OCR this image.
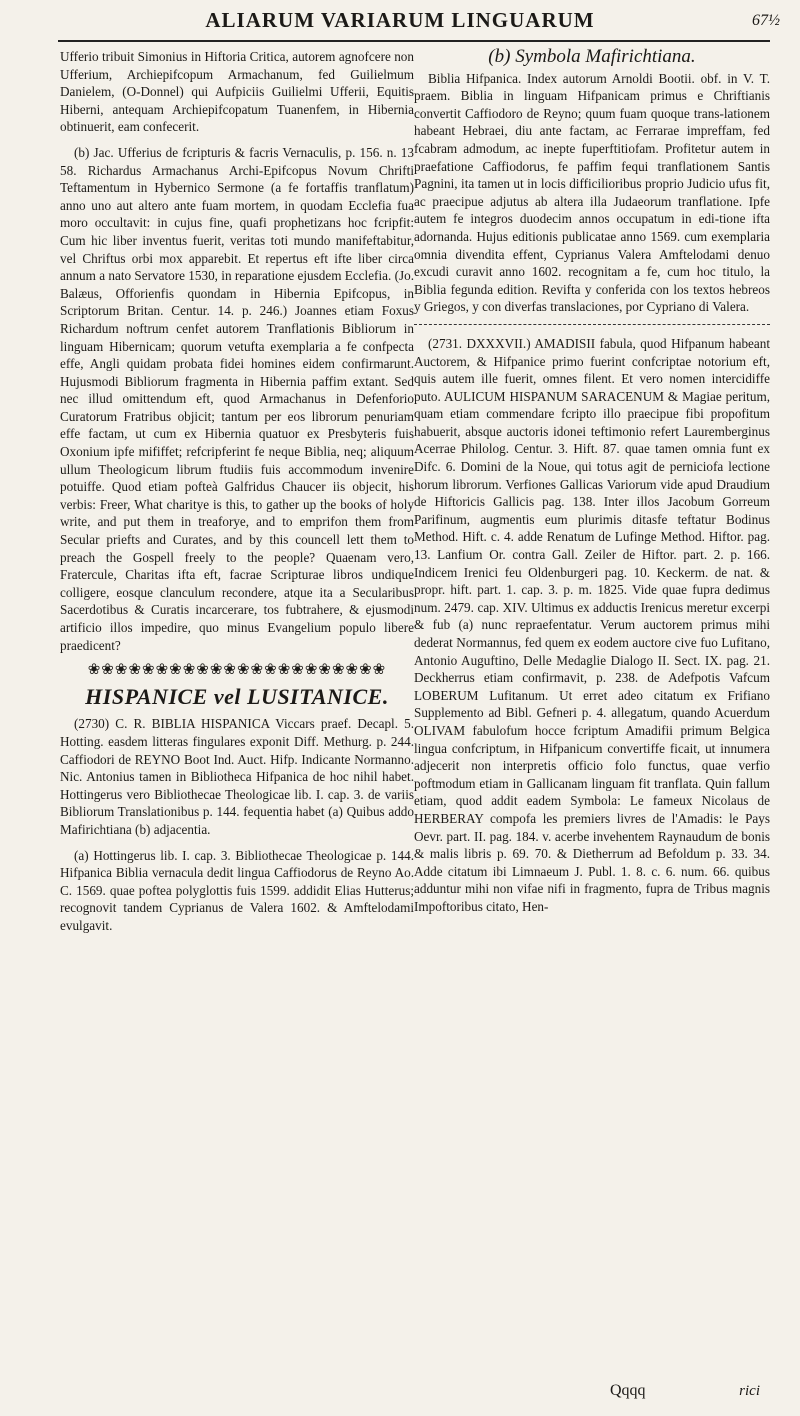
ALIARUM VARIARUM LINGUARUM	67½

Ufferio tribuit Simonius in Hiftoria Critica, autorem agnofcere non Ufferium, Archiepifcopum Armachanum, fed Guilielmum Danielem, (O-Donnel) qui Aufpiciis Guilielmi Ufferii, Equitis Hiberni, antequam Archiepifcopatum Tuanenfem, in Hibernia obtinuerit, eam confecerit.

(b) Jac. Ufferius de fcripturis & facris Vernaculis, p. 156. n. 13 58. Richardus Armachanus Archi-Epifcopus Novum Chrifti Teftamentum in Hybernico Sermone (a fe fortaffis tranflatum) anno uno aut altero ante fuam mortem, in quodam Ecclefia fua moro occultavit: in cujus fine, quafi prophetizans hoc fcripfit: Cum hic liber inventus fuerit, veritas toti mundo manifeftabitur, vel Chriftus orbi mox apparebit. Et repertus eft ifte liber circa annum a nato Servatore 1530, in reparatione ejusdem Ecclefia. (Jo. Balæus, Offorienfis quondam in Hibernia Epifcopus, in Scriptorum Britan. Centur. 14. p. 246.) Joannes etiam Foxus Richardum noftrum cenfet autorem Tranflationis Bibliorum in linguam Hibernicam; quorum vetufta exemplaria a fe confpecta effe, Angli quidam probata fidei homines eidem confirmarunt. Hujusmodi Bibliorum fragmenta in Hibernia paffim extant. Sed nec illud omittendum eft, quod Armachanus in Defenforio Curatorum Fratribus objicit; tantum per eos librorum penuriam effe factam, ut cum ex Hibernia quatuor ex Presbyteris fuis Oxonium ipfe mififfet; refcripferint fe neque Biblia, neq; aliquum ullum Theologicum librum ftudiis fuis accommodum invenire potuiffe. Quod etiam pofteà Galfridus Chaucer iis objecit, his verbis: Freer, What charitye is this, to gather up the books of holy write, and put them in treaforye, and to emprifon them from Secular priefts and Curates, and by this councell lett them to preach the Gospell freely to the people? Quaenam vero, Fratercule, Charitas ifta eft, facrae Scripturae libros undique colligere, eosque clanculum recondere, atque ita a Secularibus Sacerdotibus & Curatis incarcerare, tos fubtrahere, & ejusmodi artificio illos impedire, quo minus Evangelium populo libere praedicent?

❀❀❀❀❀❀❀❀❀❀❀❀❀❀❀❀❀❀❀❀❀❀
HISPANICE vel LUSITANICE.

(2730) C. R. BIBLIA HISPANICA Viccars praef. Decapl. 5. Hotting. easdem litteras fingulares exponit Diff. Methurg. p. 244. Caffiodori de REYNO Boot Ind. Auct. Hifp. Indicante Normanno. Nic. Antonius tamen in Bibliotheca Hifpanica de hoc nihil habet. Hottingerus vero Bibliothecae Theologicae lib. I. cap. 3. de variis Bibliorum Translationibus p. 144. fequentia habet (a) Quibus addo Mafirichtiana (b) adjacentia.

(a) Hottingerus lib. I. cap. 3. Bibliothecae Theologicae p. 144. Hifpanica Biblia vernacula dedit lingua Caffiodorus de Reyno Ao. C. 1569. quae poftea polyglottis fuis 1599. addidit Elias Hutterus; recognovit tandem Cyprianus de Valera 1602. & Amftelodami evulgavit.

(b) Symbola Mafirichtiana.

Biblia Hifpanica. Index autorum Arnoldi Bootii. obf. in V. T. praem. Biblia in linguam Hifpanicam primus e Chriftianis convertit Caffiodoro de Reyno; quum fuam quoque trans-lationem habeant Hebraei, diu ante factam, ac Ferrarae impreffam, fed fcabram admodum, ac inepte fuperftitiofam. Profitetur autem in praefatione Caffiodorus, fe paffim fequi tranflationem Santis Pagnini, ita tamen ut in locis difficilioribus proprio Judicio ufus fit, ac praecipue adjutus ab altera illa Judaeorum tranflatione. Ipfe autem fe integros duodecim annos occupatum in edi-tione ifta adornanda. Hujus editionis publicatae anno 1569. cum exemplaria omnia divendita effent, Cyprianus Valera Amftelodami denuo excudi curavit anno 1602. recognitam a fe, cum hoc titulo, la Biblia fegunda edition. Revifta y conferida con los textos hebreos y Griegos, y con diverfas translaciones, por Cypriano di Valera.

(2731. DXXXVII.) AMADISII fabula, quod Hifpanum habeant Auctorem, & Hifpanice primo fuerint confcriptae notorium eft, quis autem ille fuerit, omnes filent. Et vero nomen intercidiffe puto. AULICUM HISPANUM SARACENUM & Magiae peritum, quam etiam commendare fcripto illo praecipue fibi propofitum habuerit, absque auctoris idonei teftimonio refert Lauremberginus Acerrae Philolog. Centur. 3. Hift. 87. quae tamen omnia funt ex Difc. 6. Domini de la Noue, qui totus agit de perniciofa lectione horum librorum. Verfiones Gallicas Variorum vide apud Draudium de Hiftoricis Gallicis pag. 138. Inter illos Jacobum Gorreum Parifinum, augmentis eum plurimis ditasfe teftatur Bodinus Method. Hift. c. 4. adde Renatum de Lufinge Method. Hiftor. pag. 13. Lanfium Or. contra Gall. Zeiler de Hiftor. part. 2. p. 166. Indicem Irenici feu Oldenburgeri pag. 10. Keckerm. de nat. & propr. hift. part. 1. cap. 3. p. m. 1825. Vide quae fupra dedimus num. 2479. cap. XIV. Ultimus ex adductis Irenicus meretur excerpi & fub (a) nunc repraefentatur. Verum auctorem primus mihi dederat Normannus, fed quem ex eodem auctore cive fuo Lufitano, Antonio Auguftino, Delle Medaglie Dialogo II. Sect. IX. pag. 21. Deckherrus etiam confirmavit, p. 238. de Adefpotis Vafcum LOBERUM Lufitanum. Ut erret adeo citatum ex Frifiano Supplemento ad Bibl. Gefneri p. 4. allegatum, quando Acuerdum OLIVAM fabulofum hocce fcriptum Amadifii primum Belgica lingua confcriptum, in Hifpanicum convertiffe ficait, ut innumera adjecerit non interpretis officio folo functus, quae verfio poftmodum etiam in Gallicanam linguam fit tranflata. Quin fallum etiam, quod addit eadem Symbola: Le fameux Nicolaus de HERBERAY compofa les premiers livres de l'Amadis: le Pays Oevr. part. II. pag. 184. v. acerbe invehentem Raynaudum de bonis & malis libris p. 69. 70. & Dietherrum ad Befoldum p. 33. 34. Adde citatum ibi Limnaeum J. Publ. 1. 8. c. 6. num. 66. quibus adduntur mihi non vifae nifi in fragmento, fupra de Tribus magnis Impoftoribus citato, Hen-

Qqqq	rici
